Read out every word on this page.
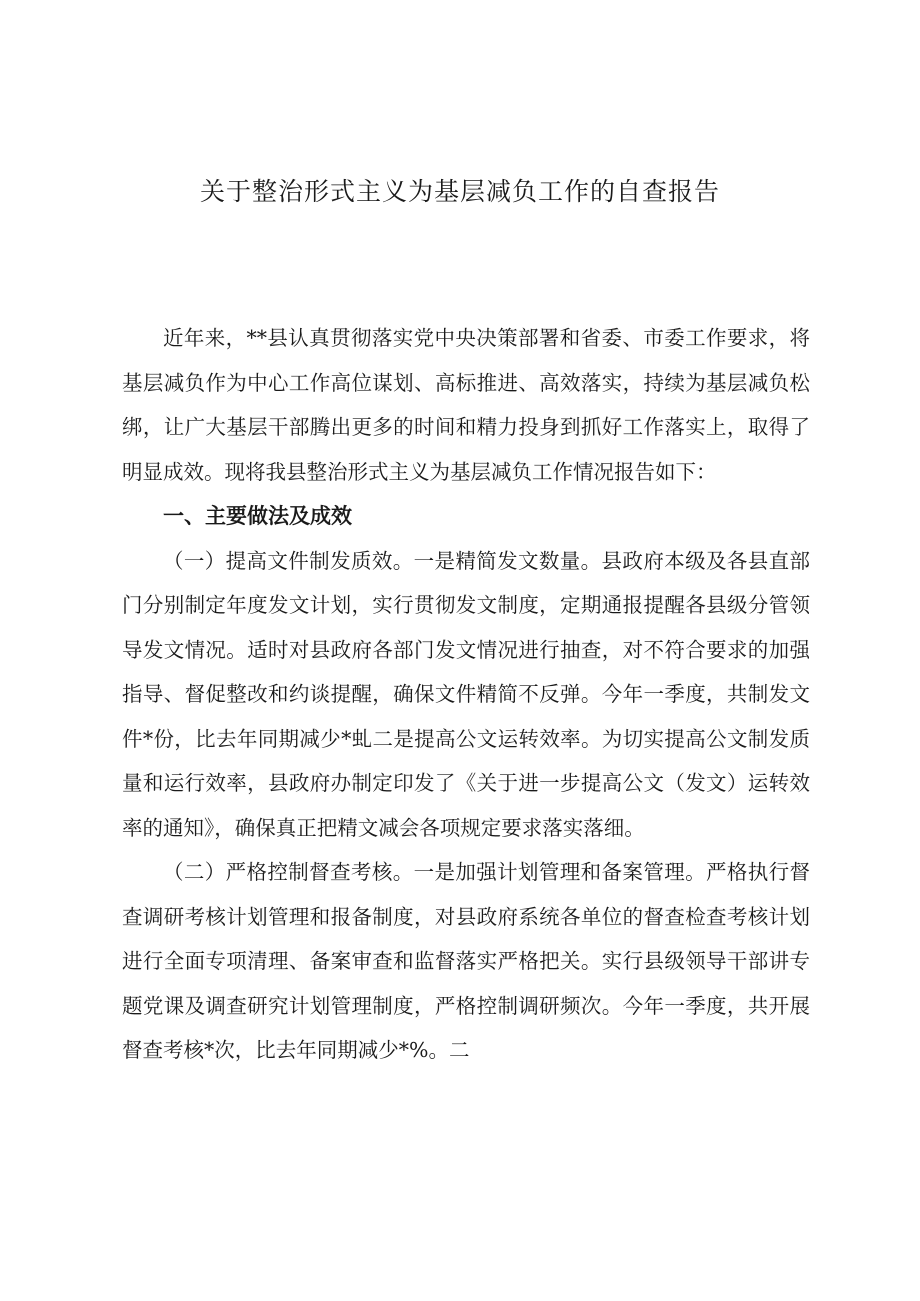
关于整治形式主义为基层减负工作的自查报告

近年来，**县认真贯彻落实党中央决策部署和省委、市委工作要求，将基层减负作为中心工作高位谋划、高标推进、高效落实，持续为基层减负松绑，让广大基层干部腾出更多的时间和精力投身到抓好工作落实上，取得了明显成效。现将我县整治形式主义为基层减负工作情况报告如下：

一、主要做法及成效

（一）提高文件制发质效。一是精简发文数量。县政府本级及各县直部门分别制定年度发文计划，实行贯彻发文制度，定期通报提醒各县级分管领导发文情况。适时对县政府各部门发文情况进行抽查，对不符合要求的加强指导、督促整改和约谈提醒，确保文件精简不反弹。今年一季度，共制发文件*份，比去年同期减少*虬二是提高公文运转效率。为切实提高公文制发质量和运行效率，县政府办制定印发了《关于进一步提高公文（发文）运转效率的通知》，确保真正把精文减会各项规定要求落实落细。

（二）严格控制督查考核。一是加强计划管理和备案管理。严格执行督查调研考核计划管理和报备制度，对县政府系统各单位的督查检查考核计划进行全面专项清理、备案审查和监督落实严格把关。实行县级领导干部讲专题党课及调查研究计划管理制度，严格控制调研频次。今年一季度，共开展督查考核*次，比去年同期减少*%。二
